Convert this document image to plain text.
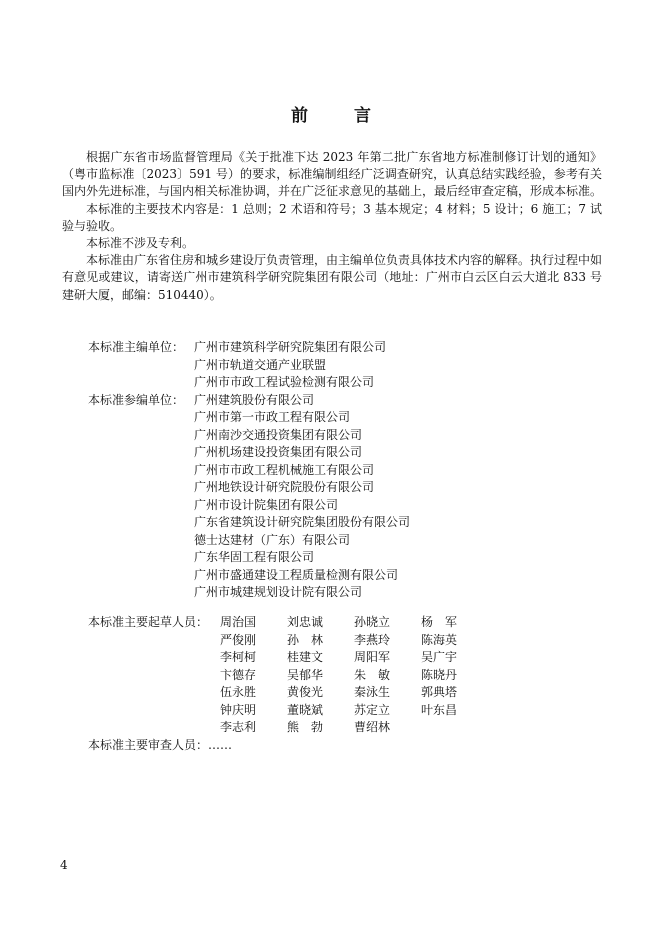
前 言

根据广东省市场监督管理局《关于批准下达 2023 年第二批广东省地方标准制修订计划的通知》（粤市监标准〔2023〕591 号）的要求，标准编制组经广泛调查研究，认真总结实践经验，参考有关国内外先进标准，与国内相关标准协调，并在广泛征求意见的基础上，最后经审查定稿，形成本标准。

本标准的主要技术内容是：1 总则；2 术语和符号；3 基本规定；4 材料；5 设计；6 施工；7 试验与验收。

本标准不涉及专利。

本标准由广东省住房和城乡建设厅负责管理，由主编单位负责具体技术内容的解释。执行过程中如有意见或建议，请寄送广州市建筑科学研究院集团有限公司（地址：广州市白云区白云大道北 833 号建研大厦，邮编：510440）。

本标准主编单位： 广州市建筑科学研究院集团有限公司
广州市轨道交通产业联盟
广州市市政工程试验检测有限公司
本标准参编单位： 广州建筑股份有限公司
广州市第一市政工程有限公司
广州南沙交通投资集团有限公司
广州机场建设投资集团有限公司
广州市市政工程机械施工有限公司
广州地铁设计研究院股份有限公司
广州市设计院集团有限公司
广东省建筑设计研究院集团股份有限公司
德士达建材（广东）有限公司
广东华固工程有限公司
广州市盛通建设工程质量检测有限公司
广州市城建规划设计院有限公司
本标准主要起草人员： 周治国	刘忠诚	孙晓立	杨　军
严俊刚	孙　林	李燕玲	陈海英
李柯柯	桂建文	周阳军	吴广宇
卞德存	吴郁华	朱　敏	陈晓丹
伍永胜	黄俊光	秦泳生	郭典塔
钟庆明	董晓斌	苏定立	叶东昌
李志利	熊　勃	曹绍林
本标准主要审查人员：……
4
